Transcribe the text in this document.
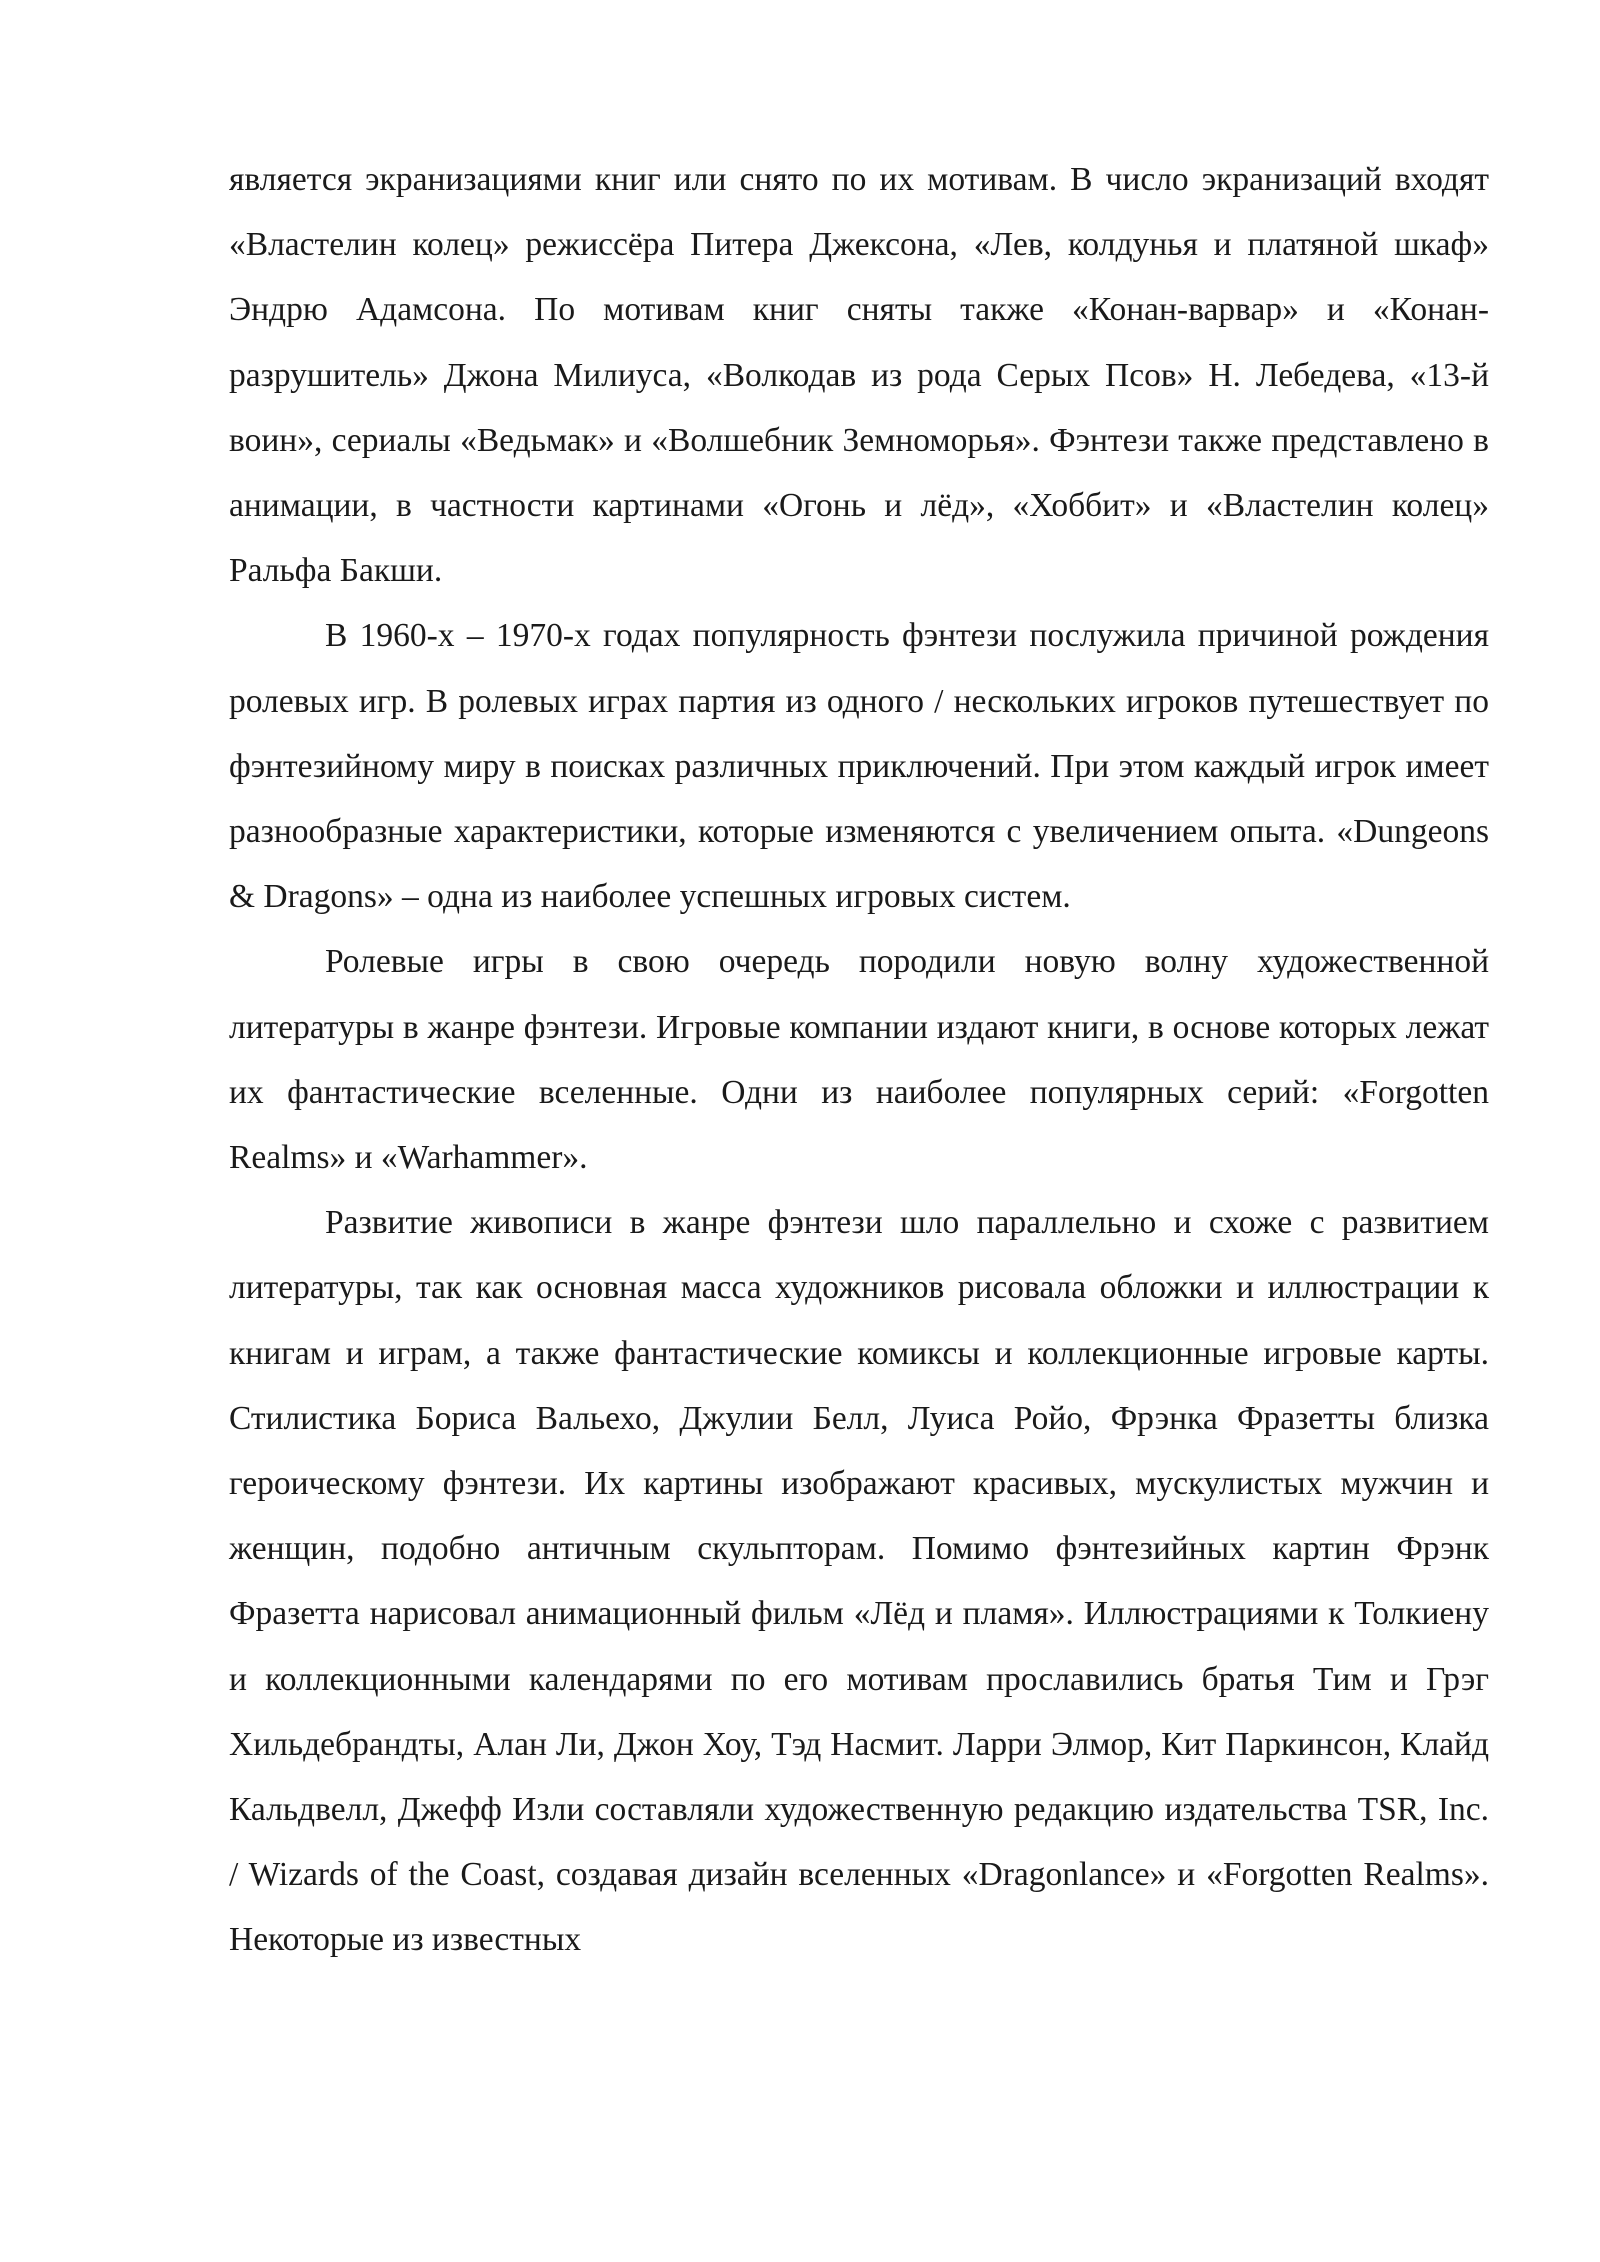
является экранизациями книг или снято по их мотивам. В число экранизаций входят «Властелин колец» режиссёра Питера Джексона, «Лев, колдунья и платяной шкаф» Эндрю Адамсона. По мотивам книг сняты также «Конан-варвар» и «Конан-разрушитель» Джона Милиуса, «Волкодав из рода Серых Псов» Н. Лебедева, «13-й воин», сериалы «Ведьмак» и «Волшебник Земноморья». Фэнтези также представлено в анимации, в частности картинами «Огонь и лёд», «Хоббит» и «Властелин колец» Ральфа Бакши.

В 1960-х – 1970-х годах популярность фэнтези послужила причиной рождения ролевых игр. В ролевых играх партия из одного / нескольких игроков путешествует по фэнтезийному миру в поисках различных приключений. При этом каждый игрок имеет разнообразные характеристики, которые изменяются с увеличением опыта. «Dungeons & Dragons» – одна из наиболее успешных игровых систем.

Ролевые игры в свою очередь породили новую волну художественной литературы в жанре фэнтези. Игровые компании издают книги, в основе которых лежат их фантастические вселенные. Одни из наиболее популярных серий: «Forgotten Realms» и «Warhammer».

Развитие живописи в жанре фэнтези шло параллельно и схоже с развитием литературы, так как основная масса художников рисовала обложки и иллюстрации к книгам и играм, а также фантастические комиксы и коллекционные игровые карты. Стилистика Бориса Вальехо, Джулии Белл, Луиса Ройо, Фрэнка Фразетты близка героическому фэнтези. Их картины изображают красивых, мускулистых мужчин и женщин, подобно античным скульпторам. Помимо фэнтезийных картин Фрэнк Фразетта нарисовал анимационный фильм «Лёд и пламя». Иллюстрациями к Толкиену и коллекционными календарями по его мотивам прославились братья Тим и Грэг Хильдебрандты, Алан Ли, Джон Хоу, Тэд Насмит. Ларри Элмор, Кит Паркинсон, Клайд Кальдвелл, Джефф Изли составляли художественную редакцию издательства TSR, Inc. / Wizards of the Coast, создавая дизайн вселенных «Dragonlance» и «Forgotten Realms». Некоторые из известных
